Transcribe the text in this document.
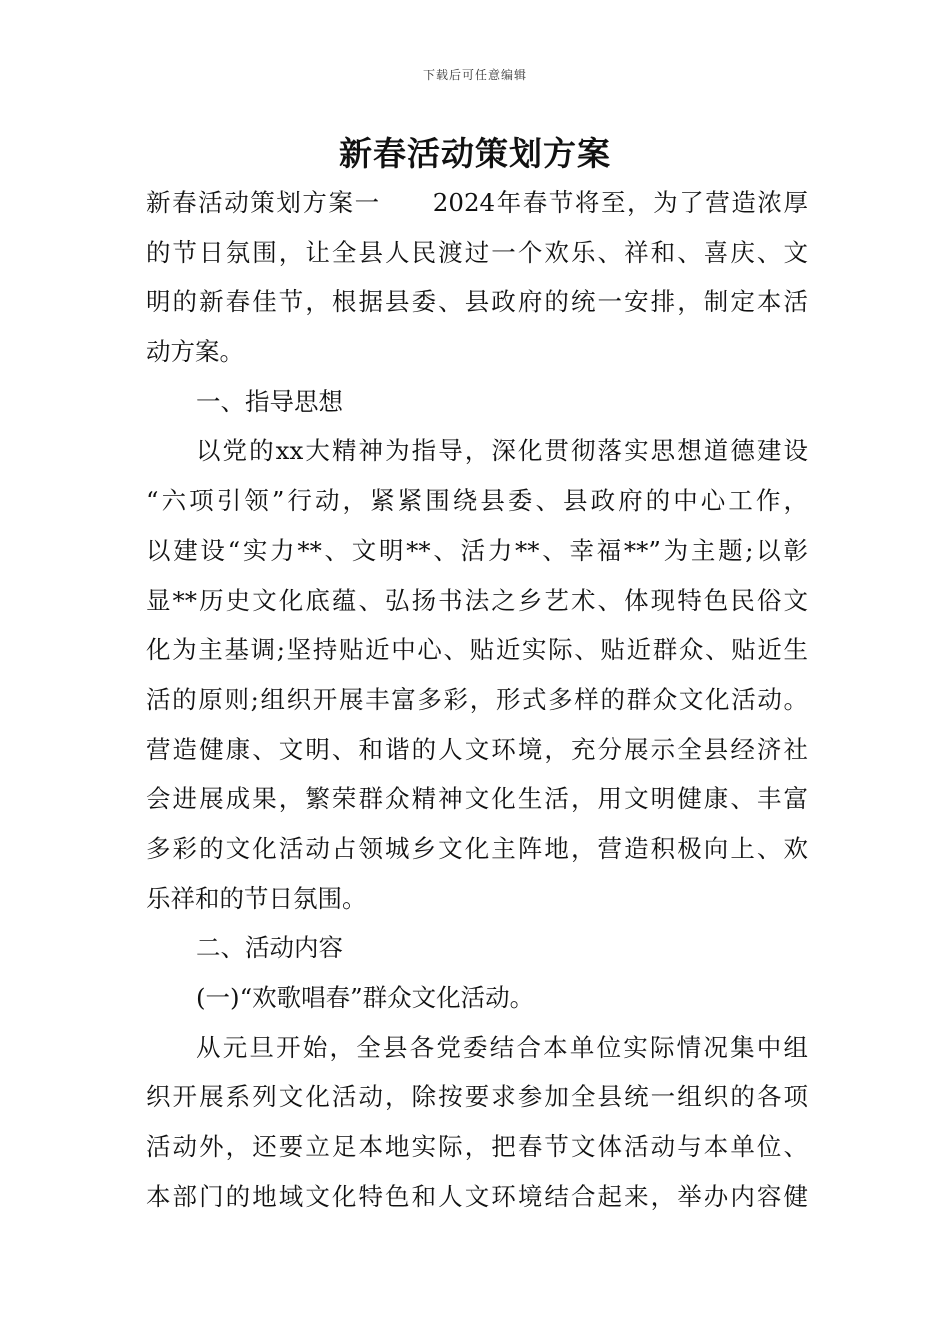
下载后可任意编辑
新春活动策划方案
新春活动策划方案一　　2024年春节将至，为了营造浓厚
的节日氛围，让全县人民渡过一个欢乐、祥和、喜庆、文
明的新春佳节，根据县委、县政府的统一安排，制定本活
动方案。
一、指导思想
以党的xx大精神为指导，深化贯彻落实思想道德建设
“六项引领”行动，紧紧围绕县委、县政府的中心工作，
以建设“实力**、文明**、活力**、幸福**”为主题;以彰
显**历史文化底蕴、弘扬书法之乡艺术、体现特色民俗文
化为主基调;坚持贴近中心、贴近实际、贴近群众、贴近生
活的原则;组织开展丰富多彩，形式多样的群众文化活动。
营造健康、文明、和谐的人文环境，充分展示全县经济社
会进展成果，繁荣群众精神文化生活，用文明健康、丰富
多彩的文化活动占领城乡文化主阵地，营造积极向上、欢
乐祥和的节日氛围。
二、活动内容
(一)“欢歌唱春”群众文化活动。
从元旦开始，全县各党委结合本单位实际情况集中组
织开展系列文化活动，除按要求参加全县统一组织的各项
活动外，还要立足本地实际，把春节文体活动与本单位、
本部门的地域文化特色和人文环境结合起来，举办内容健
